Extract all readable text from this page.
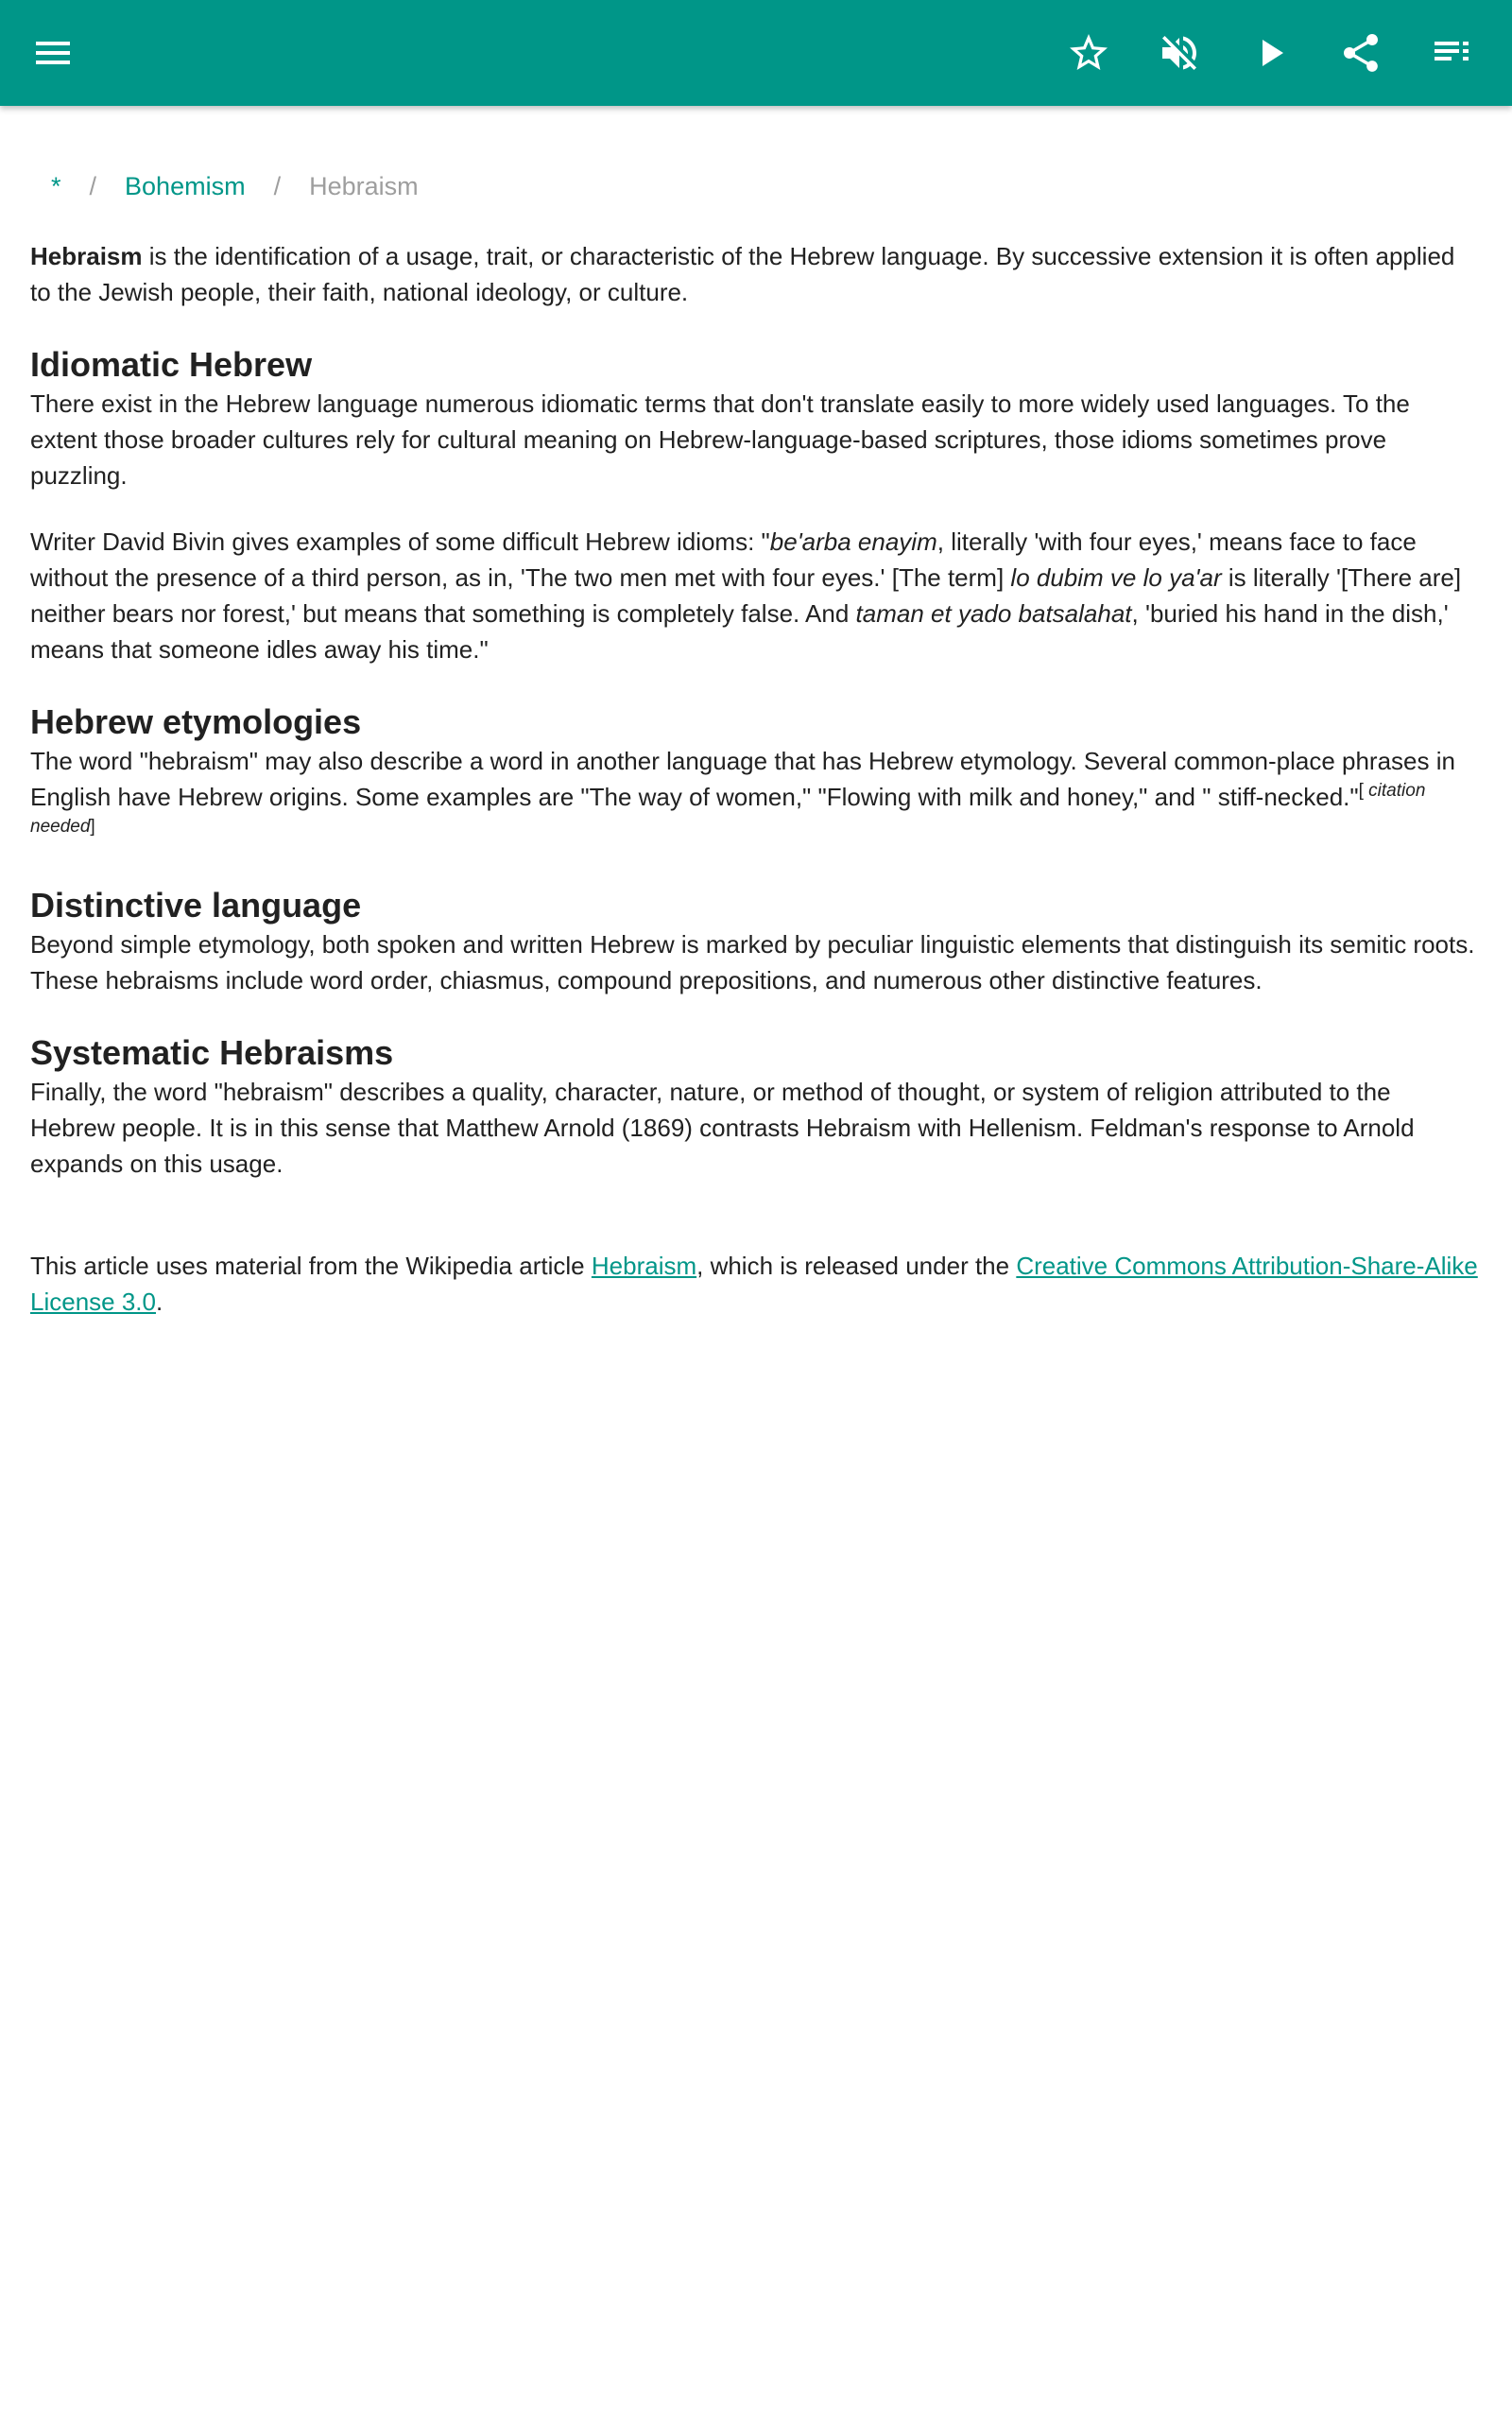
* / Bohemism / Hebraism

Hebraism is the identification of a usage, trait, or characteristic of the Hebrew language. By successive extension it is often applied to the Jewish people, their faith, national ideology, or culture.

Idiomatic Hebrew

There exist in the Hebrew language numerous idiomatic terms that don't translate easily to more widely used languages. To the extent those broader cultures rely for cultural meaning on Hebrew-language-based scriptures, those idioms sometimes prove puzzling.

Writer David Bivin gives examples of some difficult Hebrew idioms: "be'arba enayim, literally 'with four eyes,' means face to face without the presence of a third person, as in, 'The two men met with four eyes.' [The term] lo dubim ve lo ya'ar is literally '[There are] neither bears nor forest,' but means that something is completely false. And taman et yado batsalahat, 'buried his hand in the dish,' means that someone idles away his time."

Hebrew etymologies

The word "hebraism" may also describe a word in another language that has Hebrew etymology. Several common-place phrases in English have Hebrew origins. Some examples are "The way of women," "Flowing with milk and honey," and " stiff-necked."[ citation needed]

Distinctive language

Beyond simple etymology, both spoken and written Hebrew is marked by peculiar linguistic elements that distinguish its semitic roots. These hebraisms include word order, chiasmus, compound prepositions, and numerous other distinctive features.

Systematic Hebraisms

Finally, the word "hebraism" describes a quality, character, nature, or method of thought, or system of religion attributed to the Hebrew people. It is in this sense that Matthew Arnold (1869) contrasts Hebraism with Hellenism. Feldman's response to Arnold expands on this usage.

This article uses material from the Wikipedia article Hebraism, which is released under the Creative Commons Attribution-Share-Alike License 3.0.
